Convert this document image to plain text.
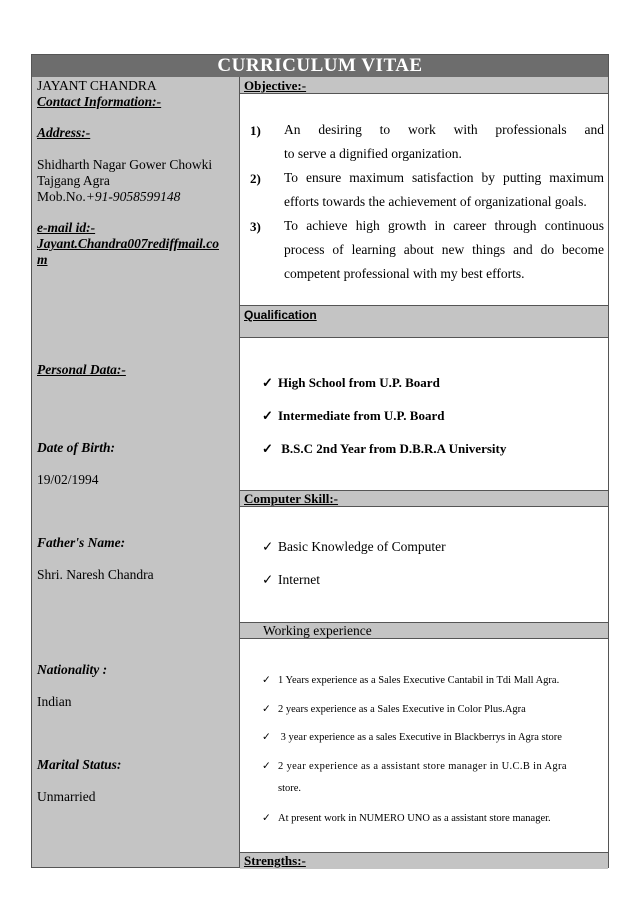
CURRICULUM VITAE
JAYANT CHANDRA
Contact Information:-
Address:-
Shidharth Nagar Gower Chowki
Tajgang Agra
Mob.No.+91-9058599148
e-mail id:-
Jayant.Chandra007rediffmail.co
m
Personal Data:-
Date of Birth:
19/02/1994
Father's Name:
Shri. Naresh Chandra
Nationality :
Indian
Marital Status:
Unmarried
Objective:-
1) An desiring to work with professionals and
to serve a dignified organization.
2) To ensure maximum satisfaction by putting maximum
efforts towards the achievement of organizational goals.
3) To achieve high growth in career through continuous
process of learning about new things and do become
competent professional with my best efforts.
Qualification
✓ High School from U.P. Board
✓ Intermediate from U.P. Board
✓ B.S.C 2nd Year from D.B.R.A University
Computer Skill:-
✓ Basic Knowledge of Computer
✓ Internet
Working experience
✓ 1 Years experience as a Sales Executive Cantabil in Tdi Mall Agra.
✓ 2 years experience as a Sales Executive in Color Plus.Agra
✓ 3 year experience as a sales Executive in Blackberrys in Agra store
✓ 2 year experience as a assistant store manager in U.C.B in Agra
store.
✓ At present work in NUMERO UNO as a assistant store manager.
Strengths:-
